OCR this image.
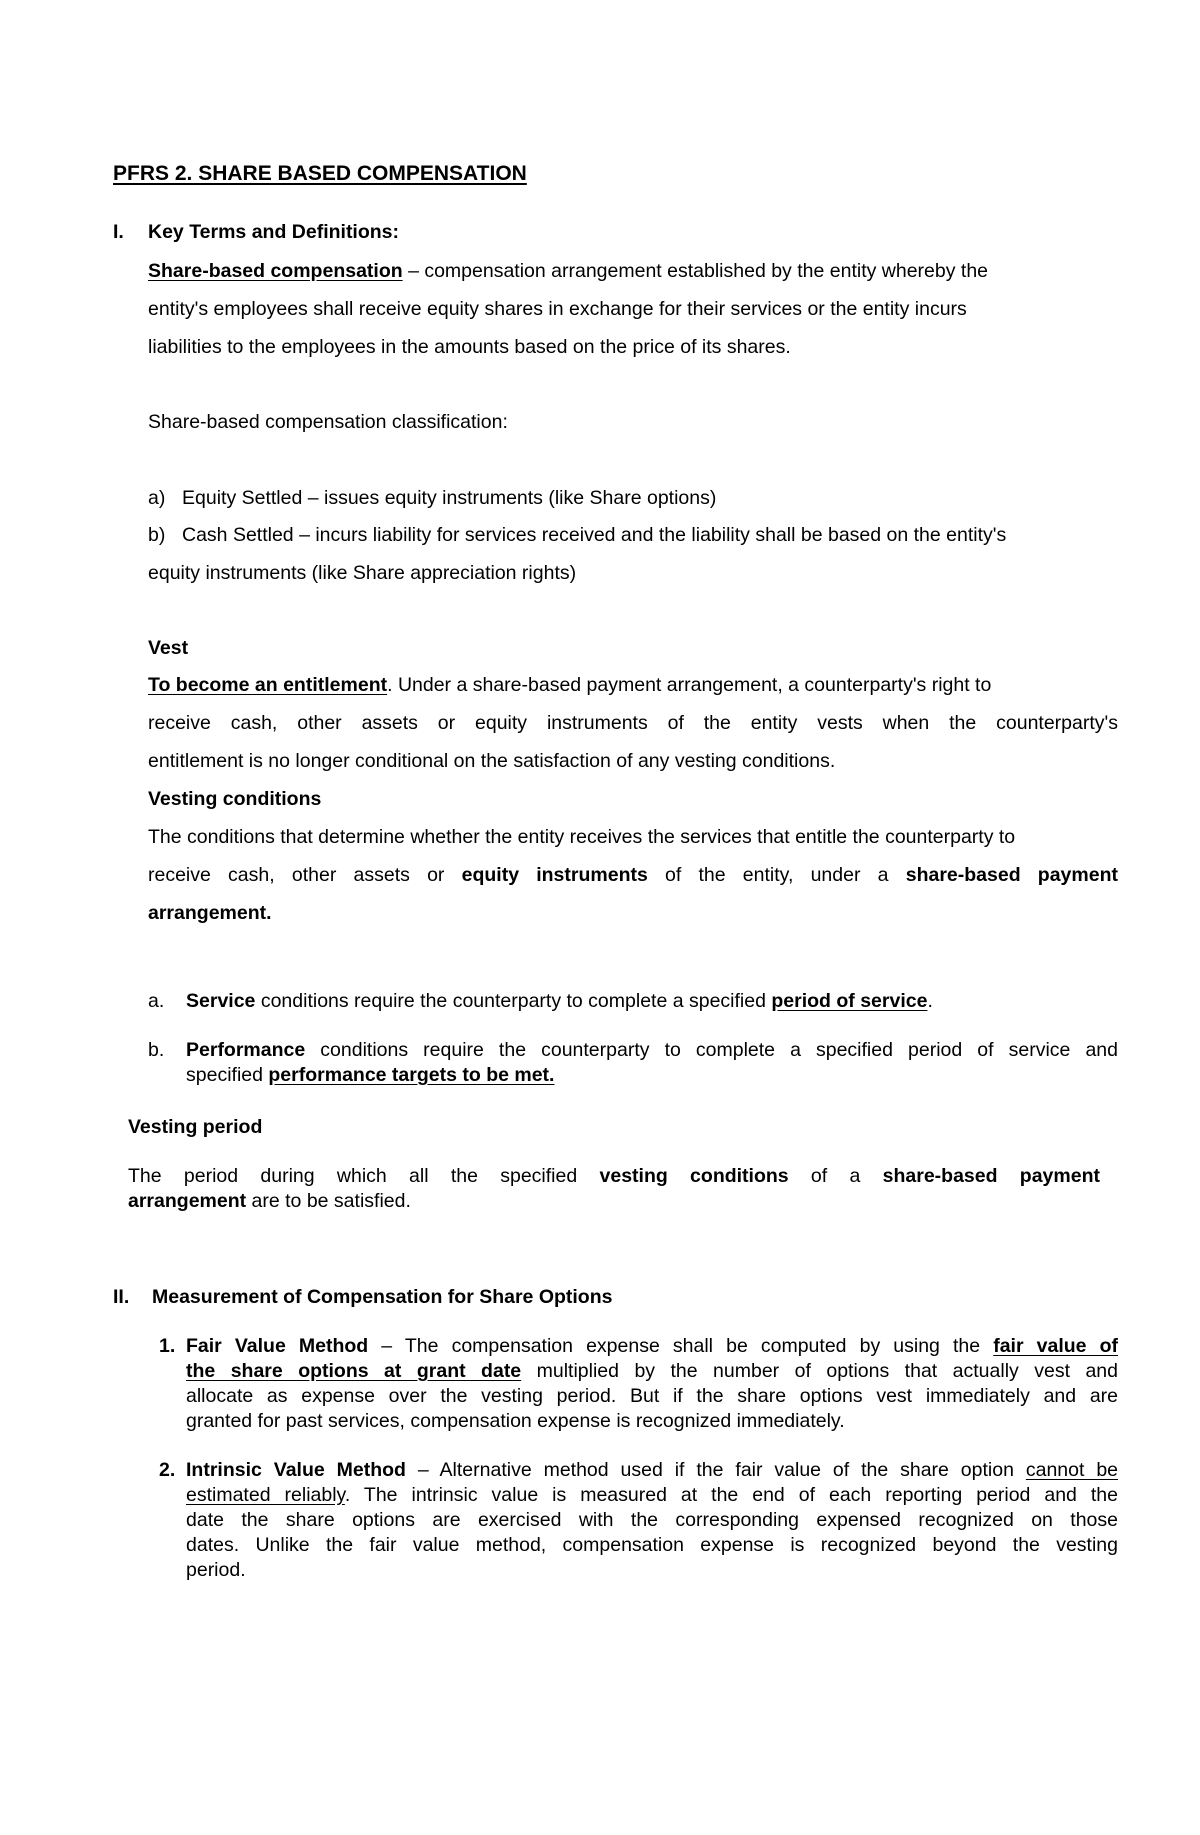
PFRS 2. SHARE BASED COMPENSATION
I. Key Terms and Definitions:
Share-based compensation – compensation arrangement established by the entity whereby the
entity's employees shall receive equity shares in exchange for their services or the entity incurs
liabilities to the employees in the amounts based on the price of its shares.
Share-based compensation classification:
a) Equity Settled – issues equity instruments (like Share options)
b) Cash Settled – incurs liability for services received and the liability shall be based on the entity's
equity instruments (like Share appreciation rights)
Vest
To become an entitlement. Under a share-based payment arrangement, a counterparty's right to
receive cash, other assets or equity instruments of the entity vests when the counterparty's
entitlement is no longer conditional on the satisfaction of any vesting conditions.
Vesting conditions
The conditions that determine whether the entity receives the services that entitle the counterparty to
receive cash, other assets or equity instruments of the entity, under a share-based payment
arrangement.
a. Service conditions require the counterparty to complete a specified period of service.
b. Performance conditions require the counterparty to complete a specified period of service and
specified performance targets to be met.
Vesting period
The period during which all the specified vesting conditions of a share-based payment
arrangement are to be satisfied.
II. Measurement of Compensation for Share Options
1. Fair Value Method – The compensation expense shall be computed by using the fair value of
the share options at grant date multiplied by the number of options that actually vest and
allocate as expense over the vesting period. But if the share options vest immediately and are
granted for past services, compensation expense is recognized immediately.
2. Intrinsic Value Method – Alternative method used if the fair value of the share option cannot be
estimated reliably. The intrinsic value is measured at the end of each reporting period and the
date the share options are exercised with the corresponding expensed recognized on those
dates. Unlike the fair value method, compensation expense is recognized beyond the vesting
period.
